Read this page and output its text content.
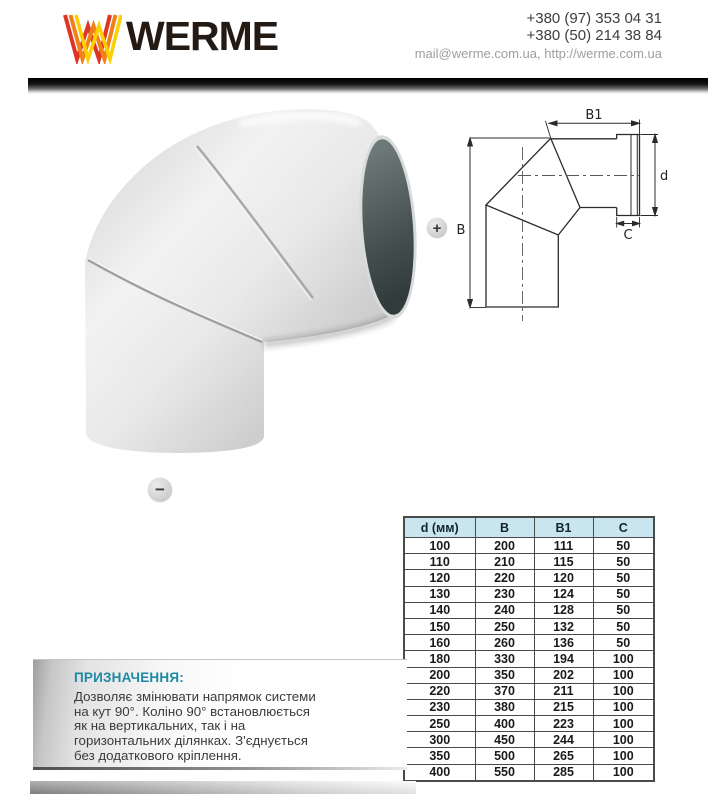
WERME	+380 (97) 353 04 31
+380 (50) 214 38 84
mail@werme.com.ua, http://werme.com.ua
+
−
B1
d
C
B
d (мм)	B	B1	C
100	200	111	50
110	210	115	50
120	220	120	50
130	230	124	50
140	240	128	50
150	250	132	50
160	260	136	50
180	330	194	100
200	350	202	100
220	370	211	100
230	380	215	100
250	400	223	100
300	450	244	100
350	500	265	100
400	550	285	100
ПРИЗНАЧЕННЯ:
Дозволяє змінювати напрямок системи
на кут 90°. Коліно 90° встановлюється
як на вертикальних, так і на
горизонтальних ділянках. З'єднується
без додаткового кріплення.
